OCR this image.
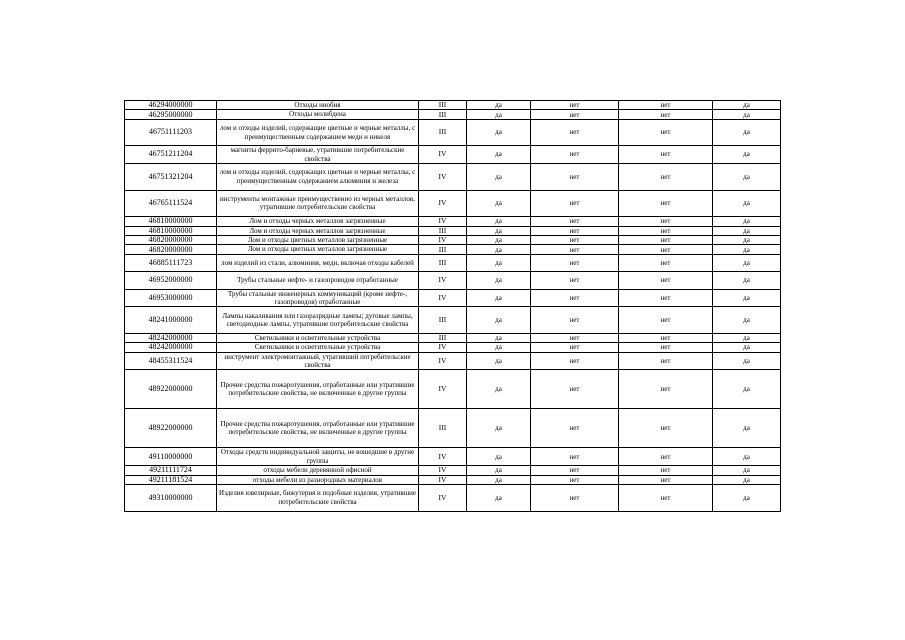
46294000000	Отходы ниобия	III	да	нет	нет	да
46295000000	Отходы молибдена	III	да	нет	нет	да
46751111203	лом и отходы изделий, содержащие цветные и черные металлы, с преимущественным содержанием меди и никеля	III	да	нет	нет	да
46751211204	магниты феррито-бариевые, утратившие потребительские свойства	IV	да	нет	нет	да
46751321204	лом и отходы изделий, содержащих цветные и черные металлы, с преимущественным содержанием алюминия и железа	IV	да	нет	нет	да
46765111524	инструменты монтажные преимущественно из черных металлов, утратившие потребительские свойства	IV	да	нет	нет	да
46810000000	Лом и отходы черных металлов загрязненные	IV	да	нет	нет	да
46810000000	Лом и отходы черных металлов загрязненные	III	да	нет	нет	да
46820000000	Лом и отходы цветных металлов загрязненные	IV	да	нет	нет	да
46820000000	Лом и отходы цветных металлов загрязненные	III	да	нет	нет	да
46885111723	лом изделий из стали, алюминия, меди, включая отходы кабелей	III	да	нет	нет	да
46952000000	Трубы стальные нефте- и газопроводов отработанные	IV	да	нет	нет	да
46953000000	Трубы стальные инженерных коммуникаций (кроме нефте-, газопроводов) отработанные	IV	да	нет	нет	да
48241000000	Лампы накаливания или газоразрядные лампы; дуговые лампы, светодиодные лампы, утратившие потребительские свойства	III	да	нет	нет	да
48242000000	Светильники и осветительные устройства	III	да	нет	нет	да
48242000000	Светильники и осветительные устройства	IV	да	нет	нет	да
48455311524	инструмент электромонтажный, утративший потребительские свойства	IV	да	нет	нет	да
48922000000	Прочие средства пожаротушения, отработанные или утратившие потребительские свойства, не включенные в другие группы	IV	да	нет	нет	да
48922000000	Прочие средства пожаротушения, отработанные или утратившие потребительские свойства, не включенные в другие группы	III	да	нет	нет	да
49110000000	Отходы средств индивидуальной защиты, не вошедшие в другие группы	IV	да	нет	нет	да
49211111724	отходы мебели деревянной офисной	IV	да	нет	нет	да
49211181524	отходы мебели из разнородных материалов	IV	да	нет	нет	да
49310000000	Изделия ювелирные, бижутерия и подобные изделия, утратившие потребительские свойства	IV	да	нет	нет	да
